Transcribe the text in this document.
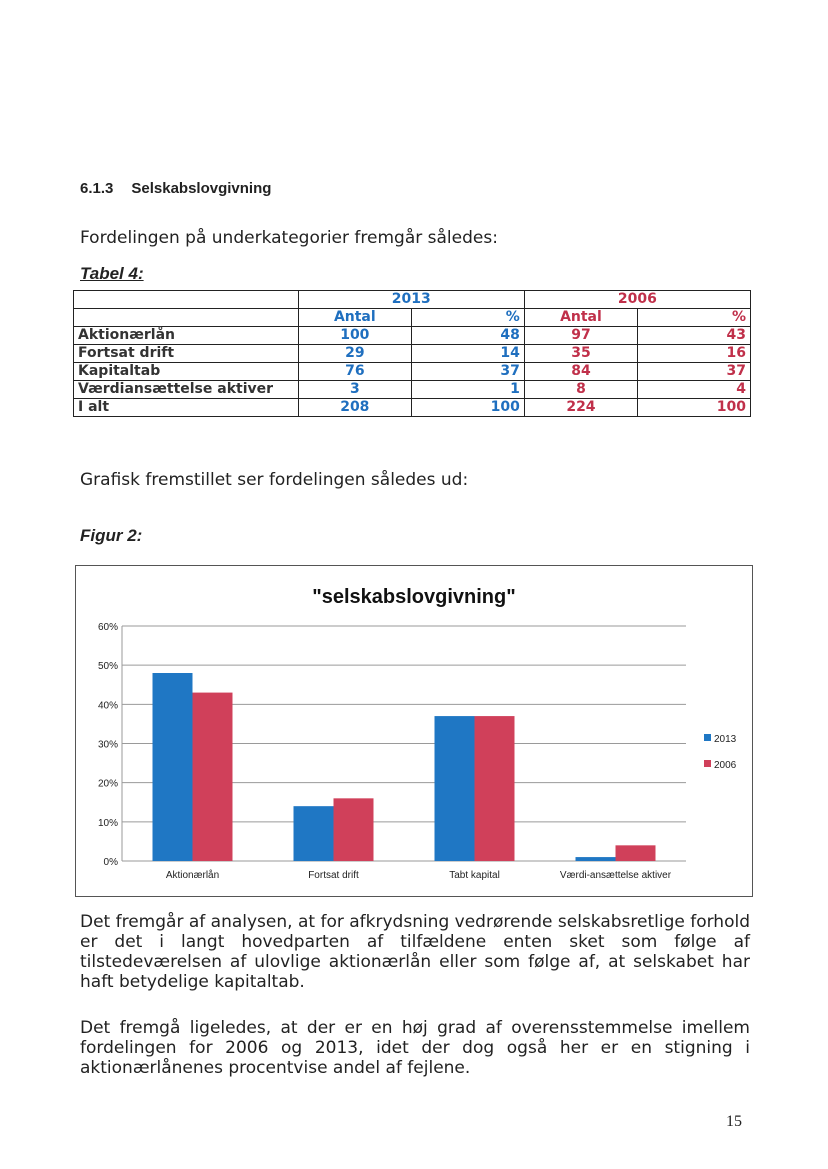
6.1.3 Selskabslovgivning
Fordelingen på underkategorier fremgår således:
Tabel 4:
	2013		2006	
	Antal	%	Antal	%
Aktionærlån	100	48	97	43
Fortsat drift	29	14	35	16
Kapitaltab	76	37	84	37
Værdiansættelse aktiver	3	1	8	4
I alt	208	100	224	100
Grafisk fremstillet ser fordelingen således ud:
Figur 2:
"selskabslovgivning"
0%
10%
20%
30%
40%
50%
60%
Aktionærlån	Fortsat drift	Tabt kapital	Værdi-ansættelse aktiver
2013
2006
Det fremgår af analysen, at for afkrydsning vedrørende selskabsretlige forhold er det i langt hovedparten af tilfældene enten sket som følge af tilstedeværelsen af ulovlige aktionærlån eller som følge af, at selskabet har haft betydelige kapitaltab.
Det fremgå ligeledes, at der er en høj grad af overensstemmelse imellem fordelingen for 2006 og 2013, idet der dog også her er en stigning i aktionærlånenes procentvise andel af fejlene.
15
